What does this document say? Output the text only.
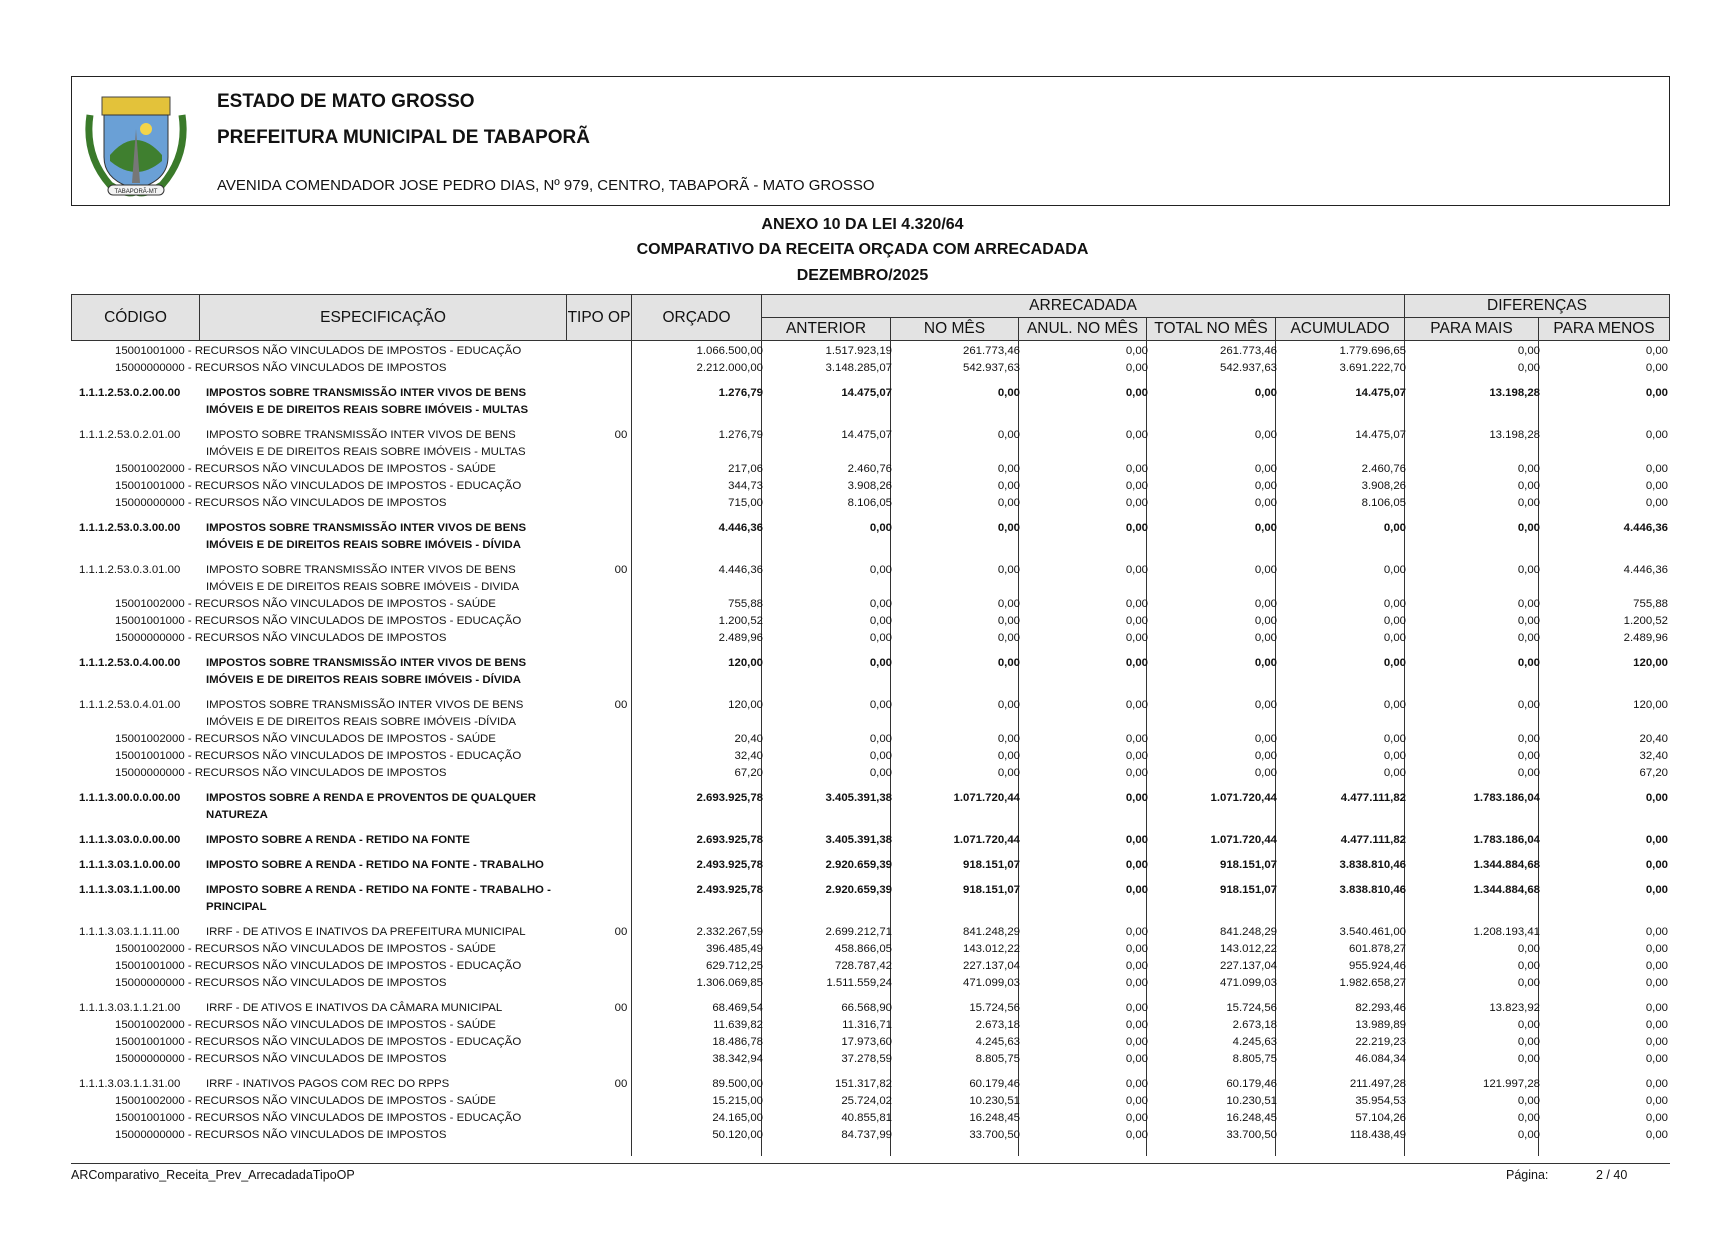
TABAPORÃ-MT
ESTADO DE MATO GROSSO
PREFEITURA MUNICIPAL DE TABAPORÃ
AVENIDA COMENDADOR JOSE PEDRO DIAS, Nº 979, CENTRO, TABAPORÃ - MATO GROSSO
ANEXO 10 DA LEI 4.320/64
COMPARATIVO DA RECEITA ORÇADA COM ARRECADADA
DEZEMBRO/2025
CÓDIGO	ESPECIFICAÇÃO	TIPO OP	ORÇADO
ARRECADADA
ANTERIOR	NO MÊS	ANUL. NO MÊS	TOTAL NO MÊS	ACUMULADO
DIFERENÇAS
PARA MAIS	PARA MENOS
15001001000 - RECURSOS NÃO VINCULADOS DE IMPOSTOS - EDUCAÇÃO	1.066.500,00	1.517.923,19	261.773,46	0,00	261.773,46	1.779.696,65	0,00	0,00
15000000000 - RECURSOS NÃO VINCULADOS DE IMPOSTOS	2.212.000,00	3.148.285,07	542.937,63	0,00	542.937,63	3.691.222,70	0,00	0,00
1.1.1.2.53.0.2.00.00 IMPOSTOS SOBRE TRANSMISSÃO INTER VIVOS DE BENS
IMÓVEIS E DE DIREITOS REAIS SOBRE IMÓVEIS - MULTAS
1.276,79	14.475,07	0,00	0,00	0,00	14.475,07	13.198,28	0,00
1.1.1.2.53.0.2.01.00 IMPOSTO SOBRE TRANSMISSÃO INTER VIVOS DE BENS
IMÓVEIS E DE DIREITOS REAIS SOBRE IMÓVEIS - MULTAS
00	1.276,79	14.475,07	0,00	0,00	0,00	14.475,07	13.198,28	0,00
15001002000 - RECURSOS NÃO VINCULADOS DE IMPOSTOS - SAÚDE	217,06	2.460,76	0,00	0,00	0,00	2.460,76	0,00	0,00
15001001000 - RECURSOS NÃO VINCULADOS DE IMPOSTOS - EDUCAÇÃO	344,73	3.908,26	0,00	0,00	0,00	3.908,26	0,00	0,00
15000000000 - RECURSOS NÃO VINCULADOS DE IMPOSTOS	715,00	8.106,05	0,00	0,00	0,00	8.106,05	0,00	0,00
1.1.1.2.53.0.3.00.00 IMPOSTOS SOBRE TRANSMISSÃO INTER VIVOS DE BENS
IMÓVEIS E DE DIREITOS REAIS SOBRE IMÓVEIS - DÍVIDA
4.446,36	0,00	0,00	0,00	0,00	0,00	0,00	4.446,36
1.1.1.2.53.0.3.01.00 IMPOSTO SOBRE TRANSMISSÃO INTER VIVOS DE BENS
IMÓVEIS E DE DIREITOS REAIS SOBRE IMÓVEIS - DIVIDA
00	4.446,36	0,00	0,00	0,00	0,00	0,00	0,00	4.446,36
15001002000 - RECURSOS NÃO VINCULADOS DE IMPOSTOS - SAÚDE	755,88	0,00	0,00	0,00	0,00	0,00	0,00	755,88
15001001000 - RECURSOS NÃO VINCULADOS DE IMPOSTOS - EDUCAÇÃO	1.200,52	0,00	0,00	0,00	0,00	0,00	0,00	1.200,52
15000000000 - RECURSOS NÃO VINCULADOS DE IMPOSTOS	2.489,96	0,00	0,00	0,00	0,00	0,00	0,00	2.489,96
1.1.1.2.53.0.4.00.00 IMPOSTOS SOBRE TRANSMISSÃO INTER VIVOS DE BENS
IMÓVEIS E DE DIREITOS REAIS SOBRE IMÓVEIS - DÍVIDA
120,00	0,00	0,00	0,00	0,00	0,00	0,00	120,00
1.1.1.2.53.0.4.01.00 IMPOSTOS SOBRE TRANSMISSÃO INTER VIVOS DE BENS
IMÓVEIS E DE DIREITOS REAIS SOBRE IMÓVEIS -DÍVIDA
00	120,00	0,00	0,00	0,00	0,00	0,00	0,00	120,00
15001002000 - RECURSOS NÃO VINCULADOS DE IMPOSTOS - SAÚDE	20,40	0,00	0,00	0,00	0,00	0,00	0,00	20,40
15001001000 - RECURSOS NÃO VINCULADOS DE IMPOSTOS - EDUCAÇÃO	32,40	0,00	0,00	0,00	0,00	0,00	0,00	32,40
15000000000 - RECURSOS NÃO VINCULADOS DE IMPOSTOS	67,20	0,00	0,00	0,00	0,00	0,00	0,00	67,20
1.1.1.3.00.0.0.00.00 IMPOSTOS SOBRE A RENDA E PROVENTOS DE QUALQUER
NATUREZA
2.693.925,78	3.405.391,38	1.071.720,44	0,00	1.071.720,44	4.477.111,82	1.783.186,04	0,00
1.1.1.3.03.0.0.00.00 IMPOSTO SOBRE A RENDA - RETIDO NA FONTE	2.693.925,78	3.405.391,38	1.071.720,44	0,00	1.071.720,44	4.477.111,82	1.783.186,04	0,00
1.1.1.3.03.1.0.00.00 IMPOSTO SOBRE A RENDA - RETIDO NA FONTE - TRABALHO	2.493.925,78	2.920.659,39	918.151,07	0,00	918.151,07	3.838.810,46	1.344.884,68	0,00
1.1.1.3.03.1.1.00.00 IMPOSTO SOBRE A RENDA - RETIDO NA FONTE - TRABALHO -
PRINCIPAL
2.493.925,78	2.920.659,39	918.151,07	0,00	918.151,07	3.838.810,46	1.344.884,68	0,00
1.1.1.3.03.1.1.11.00 IRRF - DE ATIVOS E INATIVOS DA PREFEITURA MUNICIPAL	00	2.332.267,59	2.699.212,71	841.248,29	0,00	841.248,29	3.540.461,00	1.208.193,41	0,00
15001002000 - RECURSOS NÃO VINCULADOS DE IMPOSTOS - SAÚDE	396.485,49	458.866,05	143.012,22	0,00	143.012,22	601.878,27	0,00	0,00
15001001000 - RECURSOS NÃO VINCULADOS DE IMPOSTOS - EDUCAÇÃO	629.712,25	728.787,42	227.137,04	0,00	227.137,04	955.924,46	0,00	0,00
15000000000 - RECURSOS NÃO VINCULADOS DE IMPOSTOS	1.306.069,85	1.511.559,24	471.099,03	0,00	471.099,03	1.982.658,27	0,00	0,00
1.1.1.3.03.1.1.21.00 IRRF - DE ATIVOS E INATIVOS DA CÂMARA MUNICIPAL	00	68.469,54	66.568,90	15.724,56	0,00	15.724,56	82.293,46	13.823,92	0,00
15001002000 - RECURSOS NÃO VINCULADOS DE IMPOSTOS - SAÚDE	11.639,82	11.316,71	2.673,18	0,00	2.673,18	13.989,89	0,00	0,00
15001001000 - RECURSOS NÃO VINCULADOS DE IMPOSTOS - EDUCAÇÃO	18.486,78	17.973,60	4.245,63	0,00	4.245,63	22.219,23	0,00	0,00
15000000000 - RECURSOS NÃO VINCULADOS DE IMPOSTOS	38.342,94	37.278,59	8.805,75	0,00	8.805,75	46.084,34	0,00	0,00
1.1.1.3.03.1.1.31.00 IRRF - INATIVOS PAGOS COM REC DO RPPS	00	89.500,00	151.317,82	60.179,46	0,00	60.179,46	211.497,28	121.997,28	0,00
15001002000 - RECURSOS NÃO VINCULADOS DE IMPOSTOS - SAÚDE	15.215,00	25.724,02	10.230,51	0,00	10.230,51	35.954,53	0,00	0,00
15001001000 - RECURSOS NÃO VINCULADOS DE IMPOSTOS - EDUCAÇÃO	24.165,00	40.855,81	16.248,45	0,00	16.248,45	57.104,26	0,00	0,00
15000000000 - RECURSOS NÃO VINCULADOS DE IMPOSTOS	50.120,00	84.737,99	33.700,50	0,00	33.700,50	118.438,49	0,00	0,00
ARComparativo_Receita_Prev_ArrecadadaTipoOP	Página:	2 / 40
